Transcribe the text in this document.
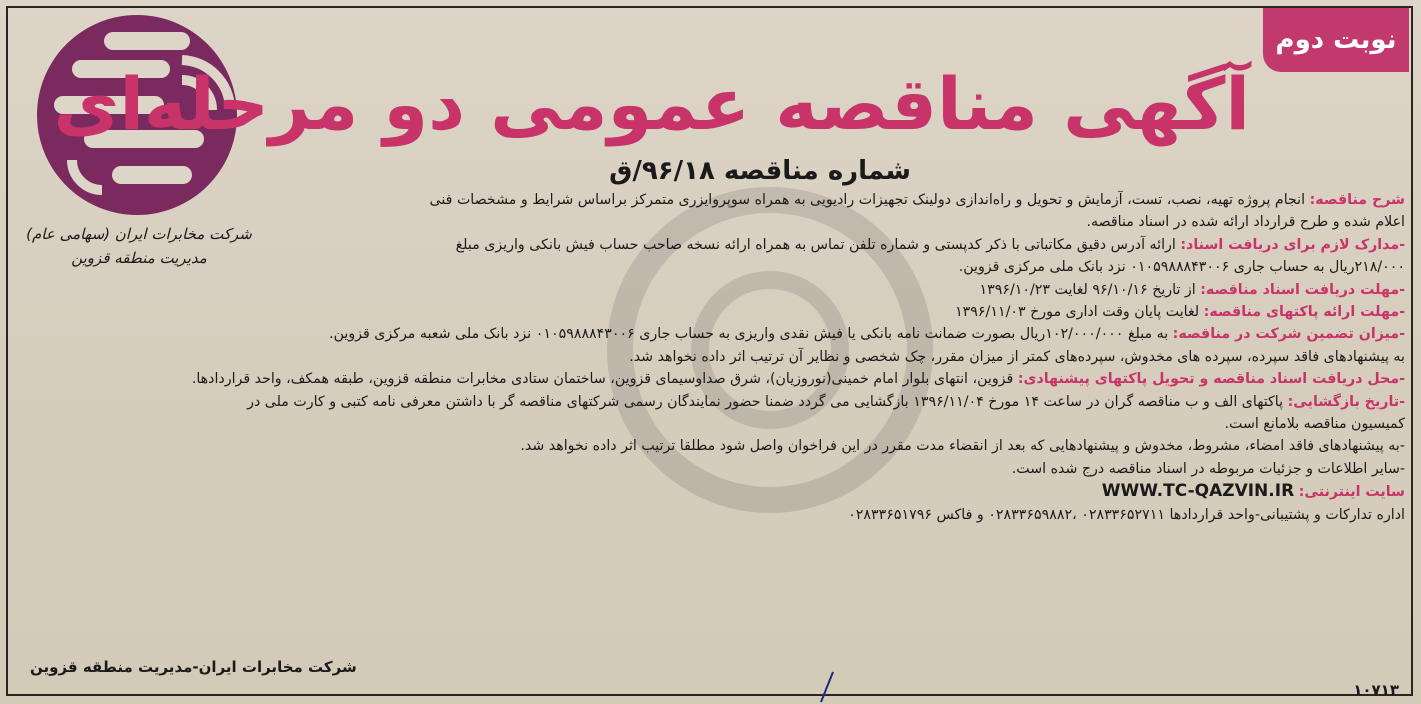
نوبت دوم
شرکت مخابرات ایران (سهامی عام)
مدیریت منطقه قزوین
آگهی مناقصه عمومی دو مرحله‌ای
شماره مناقصه ۹۶/۱۸/ق
شرح مناقصه: انجام پروژه تهیه، نصب، تست، آزمایش و تحویل و راه‌اندازی دولینک تجهیزات رادیویی به همراه سوپروایزری متمرکز براساس شرایط و مشخصات فنی
اعلام شده و طرح قرارداد ارائه شده در اسناد مناقصه.
-مدارک لازم برای دریافت اسناد: ارائه آدرس دقیق مکاتباتی با ذکر کدپستی و شماره تلفن تماس به همراه ارائه نسخه صاحب حساب فیش بانکی واریزی مبلغ
۲۱۸/۰۰۰ریال به حساب جاری ۰۱۰۵۹۸۸۸۴۳۰۰۶ نزد بانک ملی مرکزی قزوین.
-مهلت دریافت اسناد مناقصه: از تاریخ ۹۶/۱۰/۱۶ لغایت ۱۳۹۶/۱۰/۲۳
-مهلت ارائه پاکتهای مناقصه: لغایت پایان وقت اداری مورخ ۱۳۹۶/۱۱/۰۳
-میزان تضمین شرکت در مناقصه: به مبلغ ۱۰۲/۰۰۰/۰۰۰ریال بصورت ضمانت نامه بانکی یا فیش نقدی واریزی به حساب جاری ۰۱۰۵۹۸۸۸۴۳۰۰۶ نزد بانک ملی شعبه مرکزی قزوین.
به پیشنهادهای فاقد سپرده، سپرده های مخدوش، سپرده‌های کمتر از میزان مقرر، چک شخصی و نظایر آن ترتیب اثر داده نخواهد شد.
-محل دریافت اسناد مناقصه و تحویل پاکتهای پیشنهادی: قزوین، انتهای بلوار امام خمینی(نوروزیان)، شرق صداوسیمای قزوین، ساختمان ستادی مخابرات منطقه قزوین، طبقه همکف، واحد قراردادها.
-تاریخ بازگشایی: پاکتهای الف و ب مناقصه گران در ساعت ۱۴ مورخ ۱۳۹۶/۱۱/۰۴ بازگشایی می گردد ضمنا حضور نمایندگان رسمی شرکتهای مناقصه گر با داشتن معرفی نامه کتبی و کارت ملی در
کمیسیون مناقصه بلامانع است.
-به پیشنهادهای فاقد امضاء، مشروط، مخدوش و پیشنهادهایی که بعد از انقضاء مدت مقرر در این فراخوان واصل شود مطلقا ترتیب اثر داده نخواهد شد.
-سایر اطلاعات و جزئیات مربوطه در اسناد مناقصه درج شده است.
سایت اینترنتی: WWW.TC-QAZVIN.IR
اداره تدارکات و پشتیبانی-واحد قراردادها ۰۲۸۳۳۶۵۲۷۱۱ ،۰۲۸۳۳۶۵۹۸۸۲ و فاکس ۰۲۸۳۳۶۵۱۷۹۶
شرکت مخابرات ایران-مدیریت منطقه قزوین
۱۰۷۱۳
